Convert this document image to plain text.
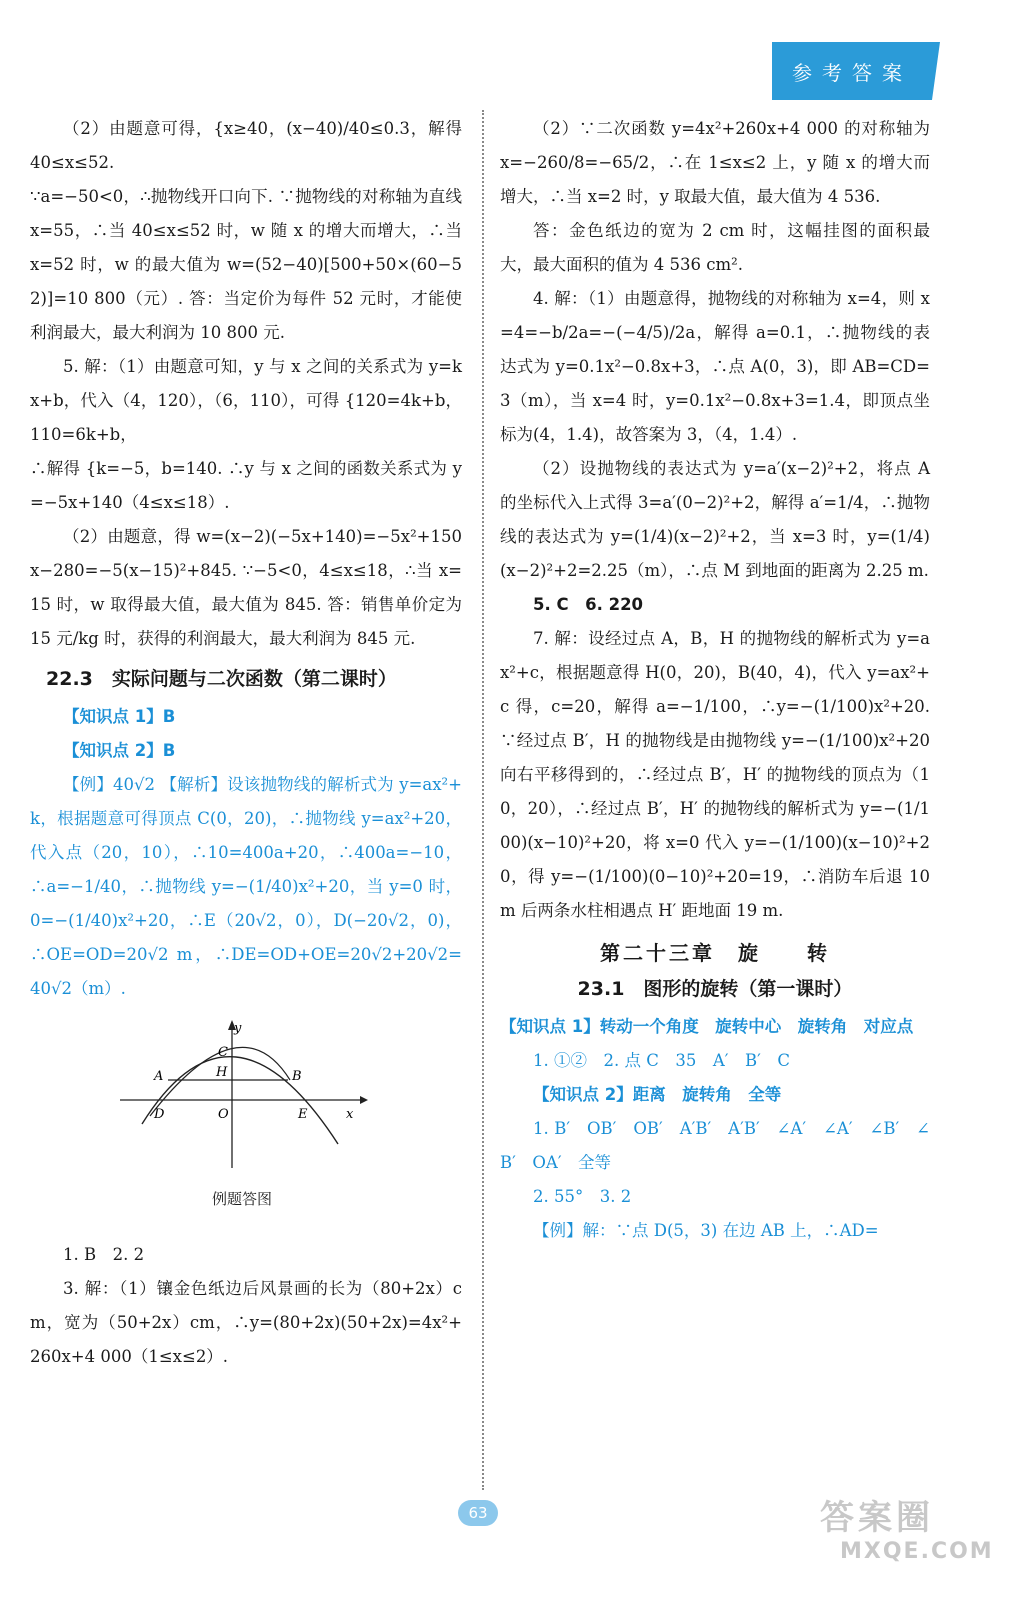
参考答案

（2）由题意可得，{x≥40，(x−40)/40≤0.3，解得 40≤x≤52.

∵a=−50<0，∴抛物线开口向下. ∵抛物线的对称轴为直线 x=55，∴当 40≤x≤52 时，w 随 x 的增大而增大，∴当 x=52 时，w 的最大值为 w=(52−40)[500+50×(60−52)]=10 800（元）. 答：当定价为每件 52 元时，才能使利润最大，最大利润为 10 800 元.

5. 解：（1）由题意可知，y 与 x 之间的关系式为 y=kx+b，代入（4，120），（6，110），可得 {120=4k+b，110=6k+b，

∴解得 {k=−5，b=140. ∴y 与 x 之间的函数关系式为 y=−5x+140（4≤x≤18）.

（2）由题意，得 w=(x−2)(−5x+140)=−5x²+150x−280=−5(x−15)²+845. ∵−5<0，4≤x≤18，∴当 x=15 时，w 取得最大值，最大值为 845. 答：销售单价定为 15 元/kg 时，获得的利润最大，最大利润为 845 元.

22.3　实际问题与二次函数（第二课时）

【知识点 1】B

【知识点 2】B

【例】40√2 【解析】设该抛物线的解析式为 y=ax²+k，根据题意可得顶点 C(0，20)，∴抛物线 y=ax²+20，代入点（20，10），∴10=400a+20，∴400a=−10，∴a=−1/40，∴抛物线 y=−(1/40)x²+20，当 y=0 时，0=−(1/40)x²+20，∴E（20√2，0），D(−20√2，0)，∴OE=OD=20√2 m，∴DE=OD+OE=20√2+20√2=40√2（m）.

y
x
C
H
A	B
D	O	E
例题答图

1. B　2. 2

3. 解：（1）镶金色纸边后风景画的长为（80+2x）cm，宽为（50+2x）cm，∴y=(80+2x)(50+2x)=4x²+260x+4 000（1≤x≤2）.

（2）∵二次函数 y=4x²+260x+4 000 的对称轴为 x=−260/8=−65/2，∴在 1≤x≤2 上，y 随 x 的增大而增大，∴当 x=2 时，y 取最大值，最大值为 4 536.

答：金色纸边的宽为 2 cm 时，这幅挂图的面积最大，最大面积的值为 4 536 cm².

4. 解：（1）由题意得，抛物线的对称轴为 x=4，则 x=4=−b/2a=−(−4/5)/2a，解得 a=0.1，∴抛物线的表达式为 y=0.1x²−0.8x+3，∴点 A(0，3)，即 AB=CD=3（m），当 x=4 时，y=0.1x²−0.8x+3=1.4，即顶点坐标为(4，1.4)，故答案为 3，（4，1.4）.

（2）设抛物线的表达式为 y=a′(x−2)²+2，将点 A 的坐标代入上式得 3=a′(0−2)²+2，解得 a′=1/4，∴抛物线的表达式为 y=(1/4)(x−2)²+2，当 x=3 时，y=(1/4)(x−2)²+2=2.25（m），∴点 M 到地面的距离为 2.25 m.

5. C　6. 220

7. 解：设经过点 A，B，H 的抛物线的解析式为 y=ax²+c，根据题意得 H(0，20)，B(40，4)，代入 y=ax²+c 得，c=20，解得 a=−1/100，∴y=−(1/100)x²+20. ∵经过点 B′，H 的抛物线是由抛物线 y=−(1/100)x²+20 向右平移得到的，∴经过点 B′，H′ 的抛物线的顶点为（10，20），∴经过点 B′，H′ 的抛物线的解析式为 y=−(1/100)(x−10)²+20，将 x=0 代入 y=−(1/100)(x−10)²+20，得 y=−(1/100)(0−10)²+20=19，∴消防车后退 10 m 后两条水柱相遇点 H′ 距地面 19 m.

第二十三章　旋　　转
23.1　图形的旋转（第一课时）

【知识点 1】转动一个角度　旋转中心　旋转角　对应点

1. ①②　2. 点 C　35　A′　B′　C

【知识点 2】距离　旋转角　全等

1. B′　OB′　OB′　A′B′　A′B′　∠A′　∠A′　∠B′　∠B′　OA′　全等

2. 55°　3. 2

【例】解：∵点 D(5，3) 在边 AB 上，∴AD=

63	答案圈
MXQE.COM
